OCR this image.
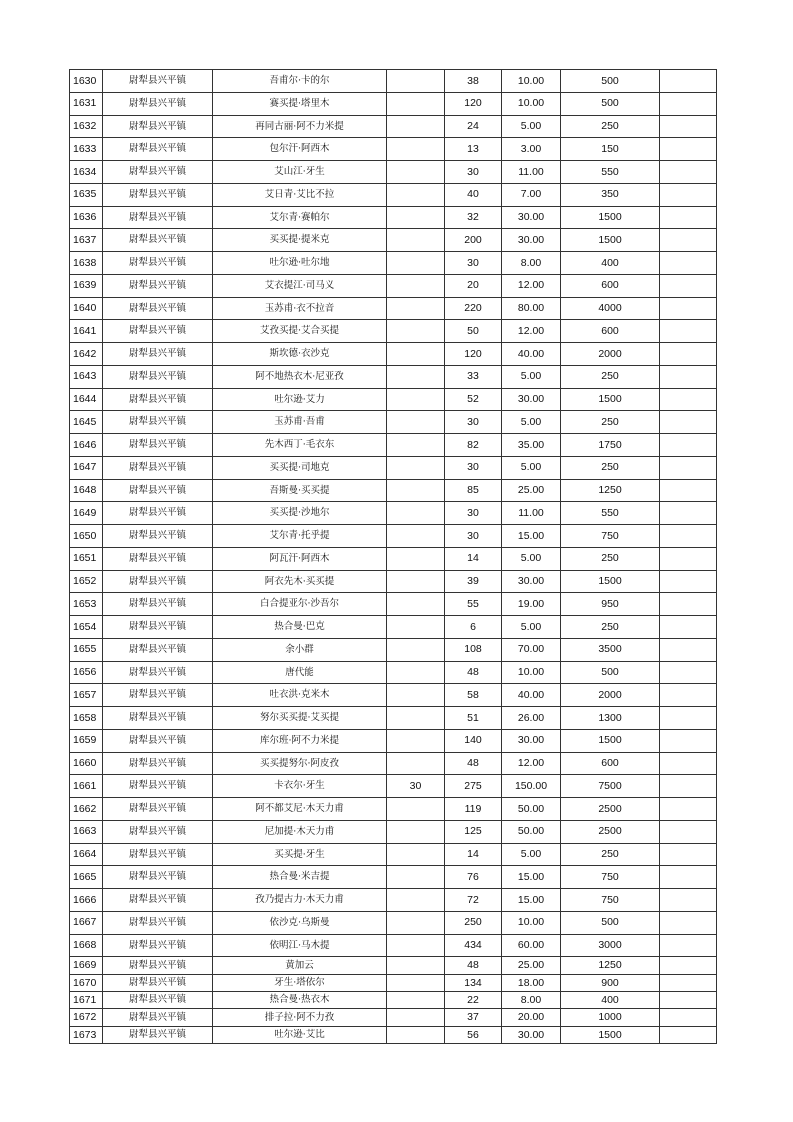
1630	尉犁县兴平镇	吾甫尔·卡的尔		38	10.00	500	
1631	尉犁县兴平镇	赛买提·塔里木		120	10.00	500	
1632	尉犁县兴平镇	再同古丽·阿不力米提		24	5.00	250	
1633	尉犁县兴平镇	包尔汗·阿西木		13	3.00	150	
1634	尉犁县兴平镇	艾山江·牙生		30	11.00	550	
1635	尉犁县兴平镇	艾日青·艾比不拉		40	7.00	350	
1636	尉犁县兴平镇	艾尔青·赛帕尔		32	30.00	1500	
1637	尉犁县兴平镇	买买提·提米克		200	30.00	1500	
1638	尉犁县兴平镇	吐尔逊·吐尔地		30	8.00	400	
1639	尉犁县兴平镇	艾衣提江·司马义		20	12.00	600	
1640	尉犁县兴平镇	玉苏甫·衣不拉音		220	80.00	4000	
1641	尉犁县兴平镇	艾孜买提·艾合买提		50	12.00	600	
1642	尉犁县兴平镇	斯坎德·衣沙克		120	40.00	2000	
1643	尉犁县兴平镇	阿不地热衣木·尼亚孜		33	5.00	250	
1644	尉犁县兴平镇	吐尔逊·艾力		52	30.00	1500	
1645	尉犁县兴平镇	玉苏甫·吾甫		30	5.00	250	
1646	尉犁县兴平镇	先木西丁·毛衣东		82	35.00	1750	
1647	尉犁县兴平镇	买买提·司地克		30	5.00	250	
1648	尉犁县兴平镇	吾斯曼·买买提		85	25.00	1250	
1649	尉犁县兴平镇	买买提·沙地尔		30	11.00	550	
1650	尉犁县兴平镇	艾尔青·托乎提		30	15.00	750	
1651	尉犁县兴平镇	阿瓦汗·阿西木		14	5.00	250	
1652	尉犁县兴平镇	阿衣先木·买买提		39	30.00	1500	
1653	尉犁县兴平镇	白合提亚尔·沙吾尔		55	19.00	950	
1654	尉犁县兴平镇	热合曼·巴克		6	5.00	250	
1655	尉犁县兴平镇	余小群		108	70.00	3500	
1656	尉犁县兴平镇	唐代能		48	10.00	500	
1657	尉犁县兴平镇	吐衣洪·克米木		58	40.00	2000	
1658	尉犁县兴平镇	努尔买买提·艾买提		51	26.00	1300	
1659	尉犁县兴平镇	库尔班·阿不力米提		140	30.00	1500	
1660	尉犁县兴平镇	买买提努尔·阿皮孜		48	12.00	600	
1661	尉犁县兴平镇	卡衣尔·牙生	30	275	150.00	7500	
1662	尉犁县兴平镇	阿不都艾尼·木天力甫		119	50.00	2500	
1663	尉犁县兴平镇	尼加提·木天力甫		125	50.00	2500	
1664	尉犁县兴平镇	买买提·牙生		14	5.00	250	
1665	尉犁县兴平镇	热合曼·米吉提		76	15.00	750	
1666	尉犁县兴平镇	孜乃提古力·木天力甫		72	15.00	750	
1667	尉犁县兴平镇	依沙克·乌斯曼		250	10.00	500	
1668	尉犁县兴平镇	依明江·马木提		434	60.00	3000	
1669	尉犁县兴平镇	黄加云		48	25.00	1250	
1670	尉犁县兴平镇	牙生·塔依尔		134	18.00	900	
1671	尉犁县兴平镇	热合曼·热衣木		22	8.00	400	
1672	尉犁县兴平镇	排子拉·阿不力孜		37	20.00	1000	
1673	尉犁县兴平镇	吐尔逊·艾比		56	30.00	1500	
